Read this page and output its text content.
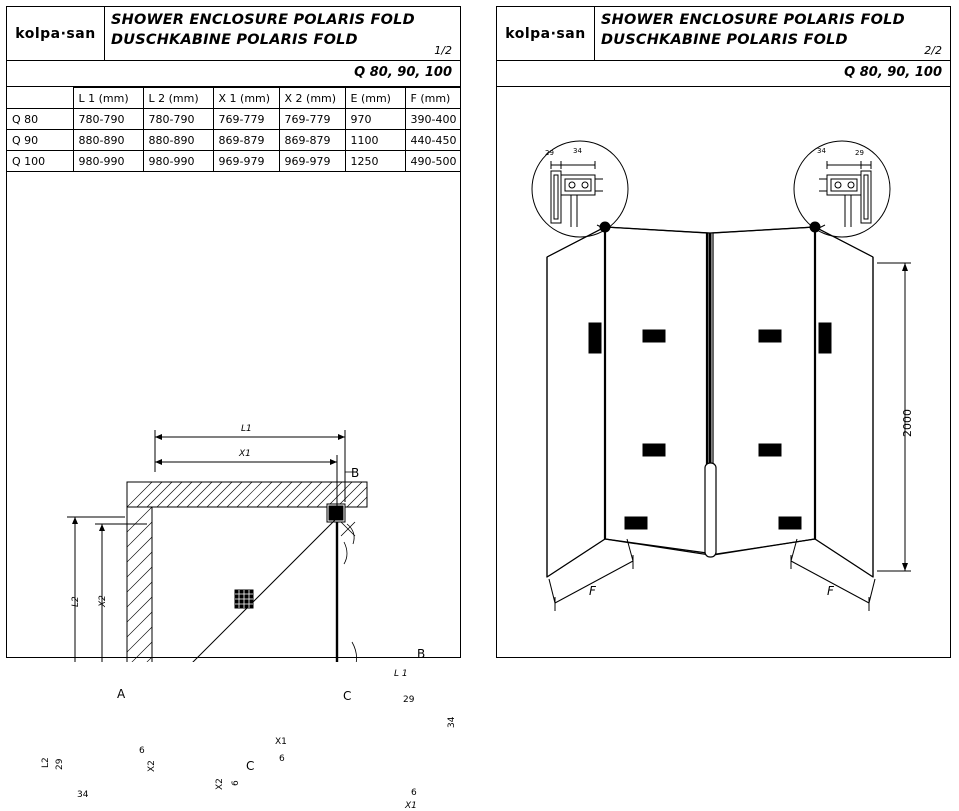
kolpa·san
SHOWER ENCLOSURE POLARIS FOLD
DUSCHKABINE POLARIS FOLD
1/2
Q 80, 90, 100
	L 1 (mm)	L 2 (mm)	X 1 (mm)	X 2 (mm)	E (mm)	F (mm)
Q 80	780-790	780-790	769-779	769-779	970	390-400
Q 90	880-890	880-890	869-879	869-879	1100	440-450
Q 100	980-990	980-990	969-979	969-979	1250	490-500
L1
X1
L2 X2
B
B
A	C
L2 29
34
6
X2	C
X1
6
X2 6
L 1
29
34
6
X1
kolpa·san
SHOWER ENCLOSURE POLARIS FOLD
DUSCHKABINE POLARIS FOLD
2/2
Q 80, 90, 100
2000
F	F
29	34	34	29
